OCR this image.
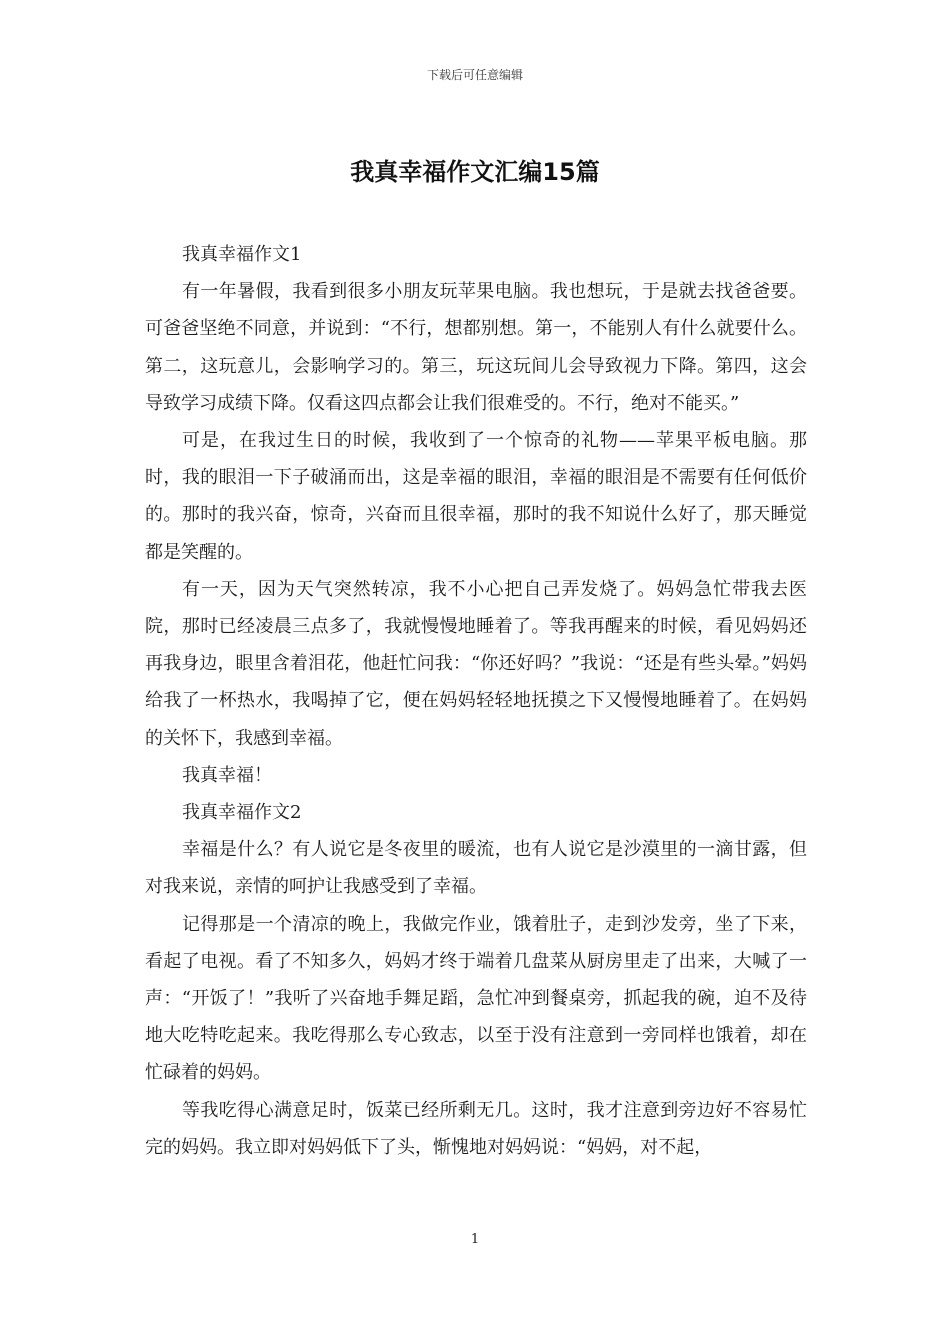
下载后可任意编辑
我真幸福作文汇编15篇

我真幸福作文1

有一年暑假，我看到很多小朋友玩苹果电脑。我也想玩，于是就去找爸爸要。可爸爸坚绝不同意，并说到：“不行，想都别想。第一，不能别人有什么就要什么。第二，这玩意儿，会影响学习的。第三，玩这玩间儿会导致视力下降。第四，这会导致学习成绩下降。仅看这四点都会让我们很难受的。不行，绝对不能买。”

可是，在我过生日的时候，我收到了一个惊奇的礼物——苹果平板电脑。那时，我的眼泪一下子破涌而出，这是幸福的眼泪，幸福的眼泪是不需要有任何低价的。那时的我兴奋，惊奇，兴奋而且很幸福，那时的我不知说什么好了，那天睡觉都是笑醒的。

有一天，因为天气突然转凉，我不小心把自己弄发烧了。妈妈急忙带我去医院，那时已经凌晨三点多了，我就慢慢地睡着了。等我再醒来的时候，看见妈妈还再我身边，眼里含着泪花，他赶忙问我：“你还好吗？”我说：“还是有些头晕。”妈妈给我了一杯热水，我喝掉了它，便在妈妈轻轻地抚摸之下又慢慢地睡着了。在妈妈的关怀下，我感到幸福。

我真幸福！

我真幸福作文2

幸福是什么？有人说它是冬夜里的暖流，也有人说它是沙漠里的一滴甘露，但对我来说，亲情的呵护让我感受到了幸福。

记得那是一个清凉的晚上，我做完作业，饿着肚子，走到沙发旁，坐了下来，看起了电视。看了不知多久，妈妈才终于端着几盘菜从厨房里走了出来，大喊了一声：“开饭了！”我听了兴奋地手舞足蹈，急忙冲到餐桌旁，抓起我的碗，迫不及待地大吃特吃起来。我吃得那么专心致志，以至于没有注意到一旁同样也饿着，却在忙碌着的妈妈。

等我吃得心满意足时，饭菜已经所剩无几。这时，我才注意到旁边好不容易忙完的妈妈。我立即对妈妈低下了头，惭愧地对妈妈说：“妈妈，对不起，

1
